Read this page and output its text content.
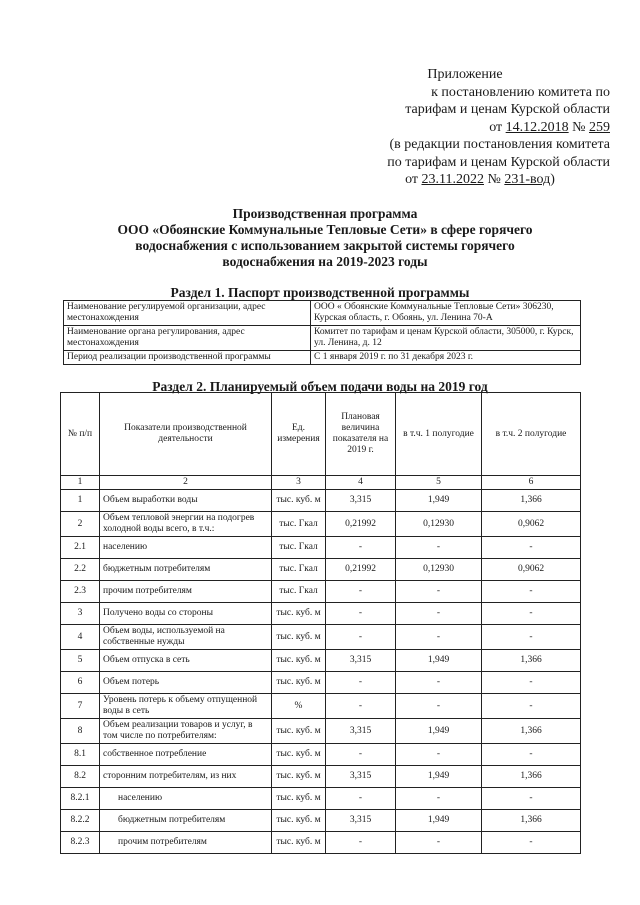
Приложение
к постановлению комитета по
тарифам и ценам Курской области
от 14.12.2018 № 259
(в редакции постановления комитета
по тарифам и ценам Курской области
от 23.11.2022 № 231-вод)
Производственная программа
ООО «Обоянские Коммунальные Тепловые Сети» в сфере горячего
водоснабжения с использованием закрытой системы горячего
водоснабжения на 2019-2023 годы
Раздел 1. Паспорт производственной программы
Наименование регулируемой организации, адрес местонахождения	ООО « Обоянские Коммунальные Тепловые Сети» 306230, Курская область, г. Обоянь, ул. Ленина 70-А
Наименование органа регулирования, адрес местонахождения	Комитет по тарифам и ценам Курской области, 305000, г. Курск, ул. Ленина, д. 12
Период реализации производственной программы	С 1 января 2019 г. по 31 декабря 2023 г.
Раздел 2. Планируемый объем подачи воды на 2019 год
№ п/п	Показатели производственной деятельности	Ед. измерения	Плановая величина показателя на 2019 г.	в т.ч. 1 полугодие	в т.ч. 2 полугодие
1	2	3	4	5	6
1	Объем выработки воды	тыс. куб. м	3,315	1,949	1,366
2	Объем тепловой энергии на подогрев холодной воды всего, в т.ч.:	тыс. Гкал	0,21992	0,12930	0,9062
2.1	населению	тыс. Гкал	-	-	-
2.2	бюджетным потребителям	тыс. Гкал	0,21992	0,12930	0,9062
2.3	прочим потребителям	тыс. Гкал	-	-	-
3	Получено воды со стороны	тыс. куб. м	-	-	-
4	Объем воды, используемой на собственные нужды	тыс. куб. м	-	-	-
5	Объем отпуска в сеть	тыс. куб. м	3,315	1,949	1,366
6	Объем потерь	тыс. куб. м	-	-	-
7	Уровень потерь к объему отпущенной воды в сеть	%	-	-	-
8	Объем реализации товаров и услуг, в том числе по потребителям:	тыс. куб. м	3,315	1,949	1,366
8.1	собственное потребление	тыс. куб. м	-	-	-
8.2	сторонним потребителям, из них	тыс. куб. м	3,315	1,949	1,366
8.2.1	населению	тыс. куб. м	-	-	-
8.2.2	бюджетным потребителям	тыс. куб. м	3,315	1,949	1,366
8.2.3	прочим потребителям	тыс. куб. м	-	-	-
